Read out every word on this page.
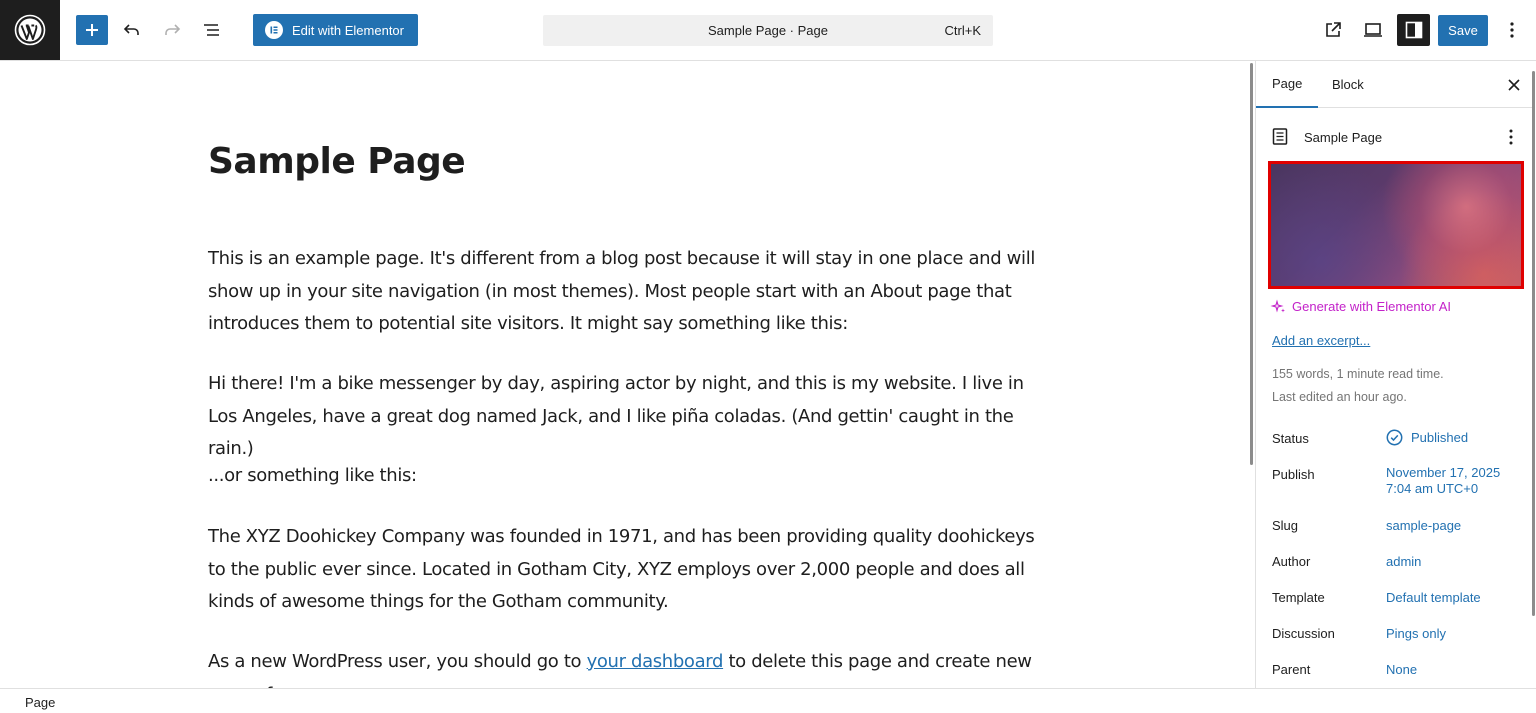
Edit with Elementor	Sample Page · Page	Ctrl+K	Save
Sample Page

This is an example page. It's different from a blog post because it will stay in one place and will show up in your site navigation (in most themes). Most people start with an About page that introduces them to potential site visitors. It might say something like this:

Hi there! I'm a bike messenger by day, aspiring actor by night, and this is my website. I live in Los Angeles, have a great dog named Jack, and I like piña coladas. (And gettin' caught in the rain.)

...or something like this:

The XYZ Doohickey Company was founded in 1971, and has been providing quality doohickeys to the public ever since. Located in Gotham City, XYZ employs over 2,000 people and does all kinds of awesome things for the Gotham community.

As a new WordPress user, you should go to your dashboard to delete this page and create new

Page	Block
Sample Page
Generate with Elementor AI
Add an excerpt...
155 words, 1 minute read time.
Last edited an hour ago.
Status	Published
Publish	November 17, 2025
7:04 am UTC+0
Slug	sample-page
Author	admin
Template	Default template
Discussion	Pings only
Parent	None
Page
